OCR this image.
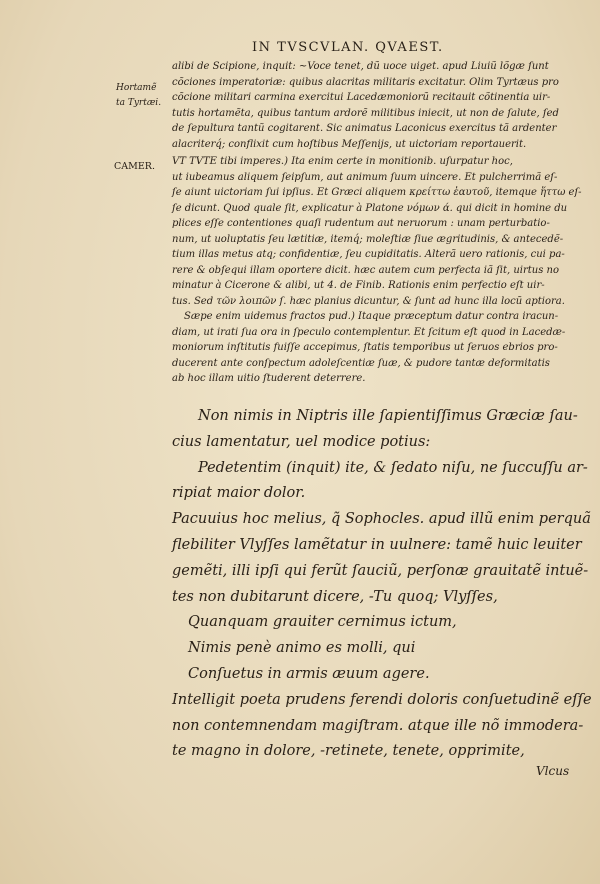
IN TVSCVLAN. QVAEST.
Hortamẽ
ta Tyrtæi.
CAMER.
alibi de Scipione, inquit: ~Voce tenet, dũ uoce uiget. apud Liuiũ lõgæ ſunt
cõciones imperatoriæ: quibus alacritas militaris excitatur. Olim Tyrtæus pro
cõcione militari carmina exercitui Lacedæmoniorũ recitauit cõtinentia uir-
tutis hortamẽta, quibus tantum ardorẽ militibus iniecit, ut non de ſalute, ſed
de ſepultura tantũ cogitarent. Sic animatus Laconicus exercitus tã ardenter
alacriterq́; conflixit cum hoſtibus Meſſenijs, ut uictoriam reportauerit.
VT TVTE tibi imperes.) Ita enim certe in monitionib. uſurpatur hoc,
ut iubeamus aliquem ſeipſum, aut animum ſuum uincere. Et pulcherrimã eſ-
ſe aiunt uictoriam ſui ipſius. Et Græci aliquem κρείττω ἑαυτοῦ, itemque ἥττω eſ-
ſe dicunt. Quod quale ſit, explicatur à Platone νόμων ά. qui dicit in homine du
plices eſſe contentiones quaſi rudentum aut neruorum : unam perturbatio-
num, ut uoluptatis ſeu lætitiæ, itemq́; moleſtiæ ſiue ægritudinis, & antecedẽ-
tium illas metus atq; confidentiæ, ſeu cupiditatis. Alterã uero rationis, cui pa-
rere & obſequi illam oportere dicit. hæc autem cum perfecta iã ſit, uirtus no
minatur à Cicerone & alibi, ut 4. de Finib. Rationis enim perfectio eſt uir-
tus. Sed τῶν λοιπῶν ſ. hæc planius dicuntur, & ſunt ad hunc illa locũ aptiora.
Sæpe enim uidemus fractos pud.) Itaque præceptum datur contra iracun-
diam, ut irati ſua ora in ſpeculo contemplentur. Et ſcitum eſt quod in Lacedæ-
moniorum inſtitutis fuiſſe accepimus, ſtatis temporibus ut ſeruos ebrios pro-
ducerent ante conſpectum adoleſcentiæ ſuæ, & pudore tantæ deformitatis
ab hoc illam uitio ſtuderent deterrere.
Non nimis in Niptris ille ſapientiſſimus Græciæ ſau-
cius lamentatur, uel modice potius:
Pedetentim (inquit) ite, & ſedato niſu, ne ſuccuſſu ar-
ripiat maior dolor.
Pacuuius hoc melius, q̃ Sophocles. apud illũ enim perquã
flebiliter Vlyſſes lamẽtatur in uulnere: tamẽ huic leuiter
gemẽti, illi ipſi qui ferũt ſauciũ, perſonæ grauitatẽ intuẽ-
tes non dubitarunt dicere, -Tu quoq; Vlyſſes,
Quanquam grauiter cernimus ictum,
Nimis penè animo es molli, qui
Conſuetus in armis æuum agere.
Intelligit poeta prudens ferendi doloris conſuetudinẽ eſſe
non contemnendam magiſtram. atque ille nõ immodera-
te magno in dolore, -retinete, tenete, opprimite,
Vlcus
